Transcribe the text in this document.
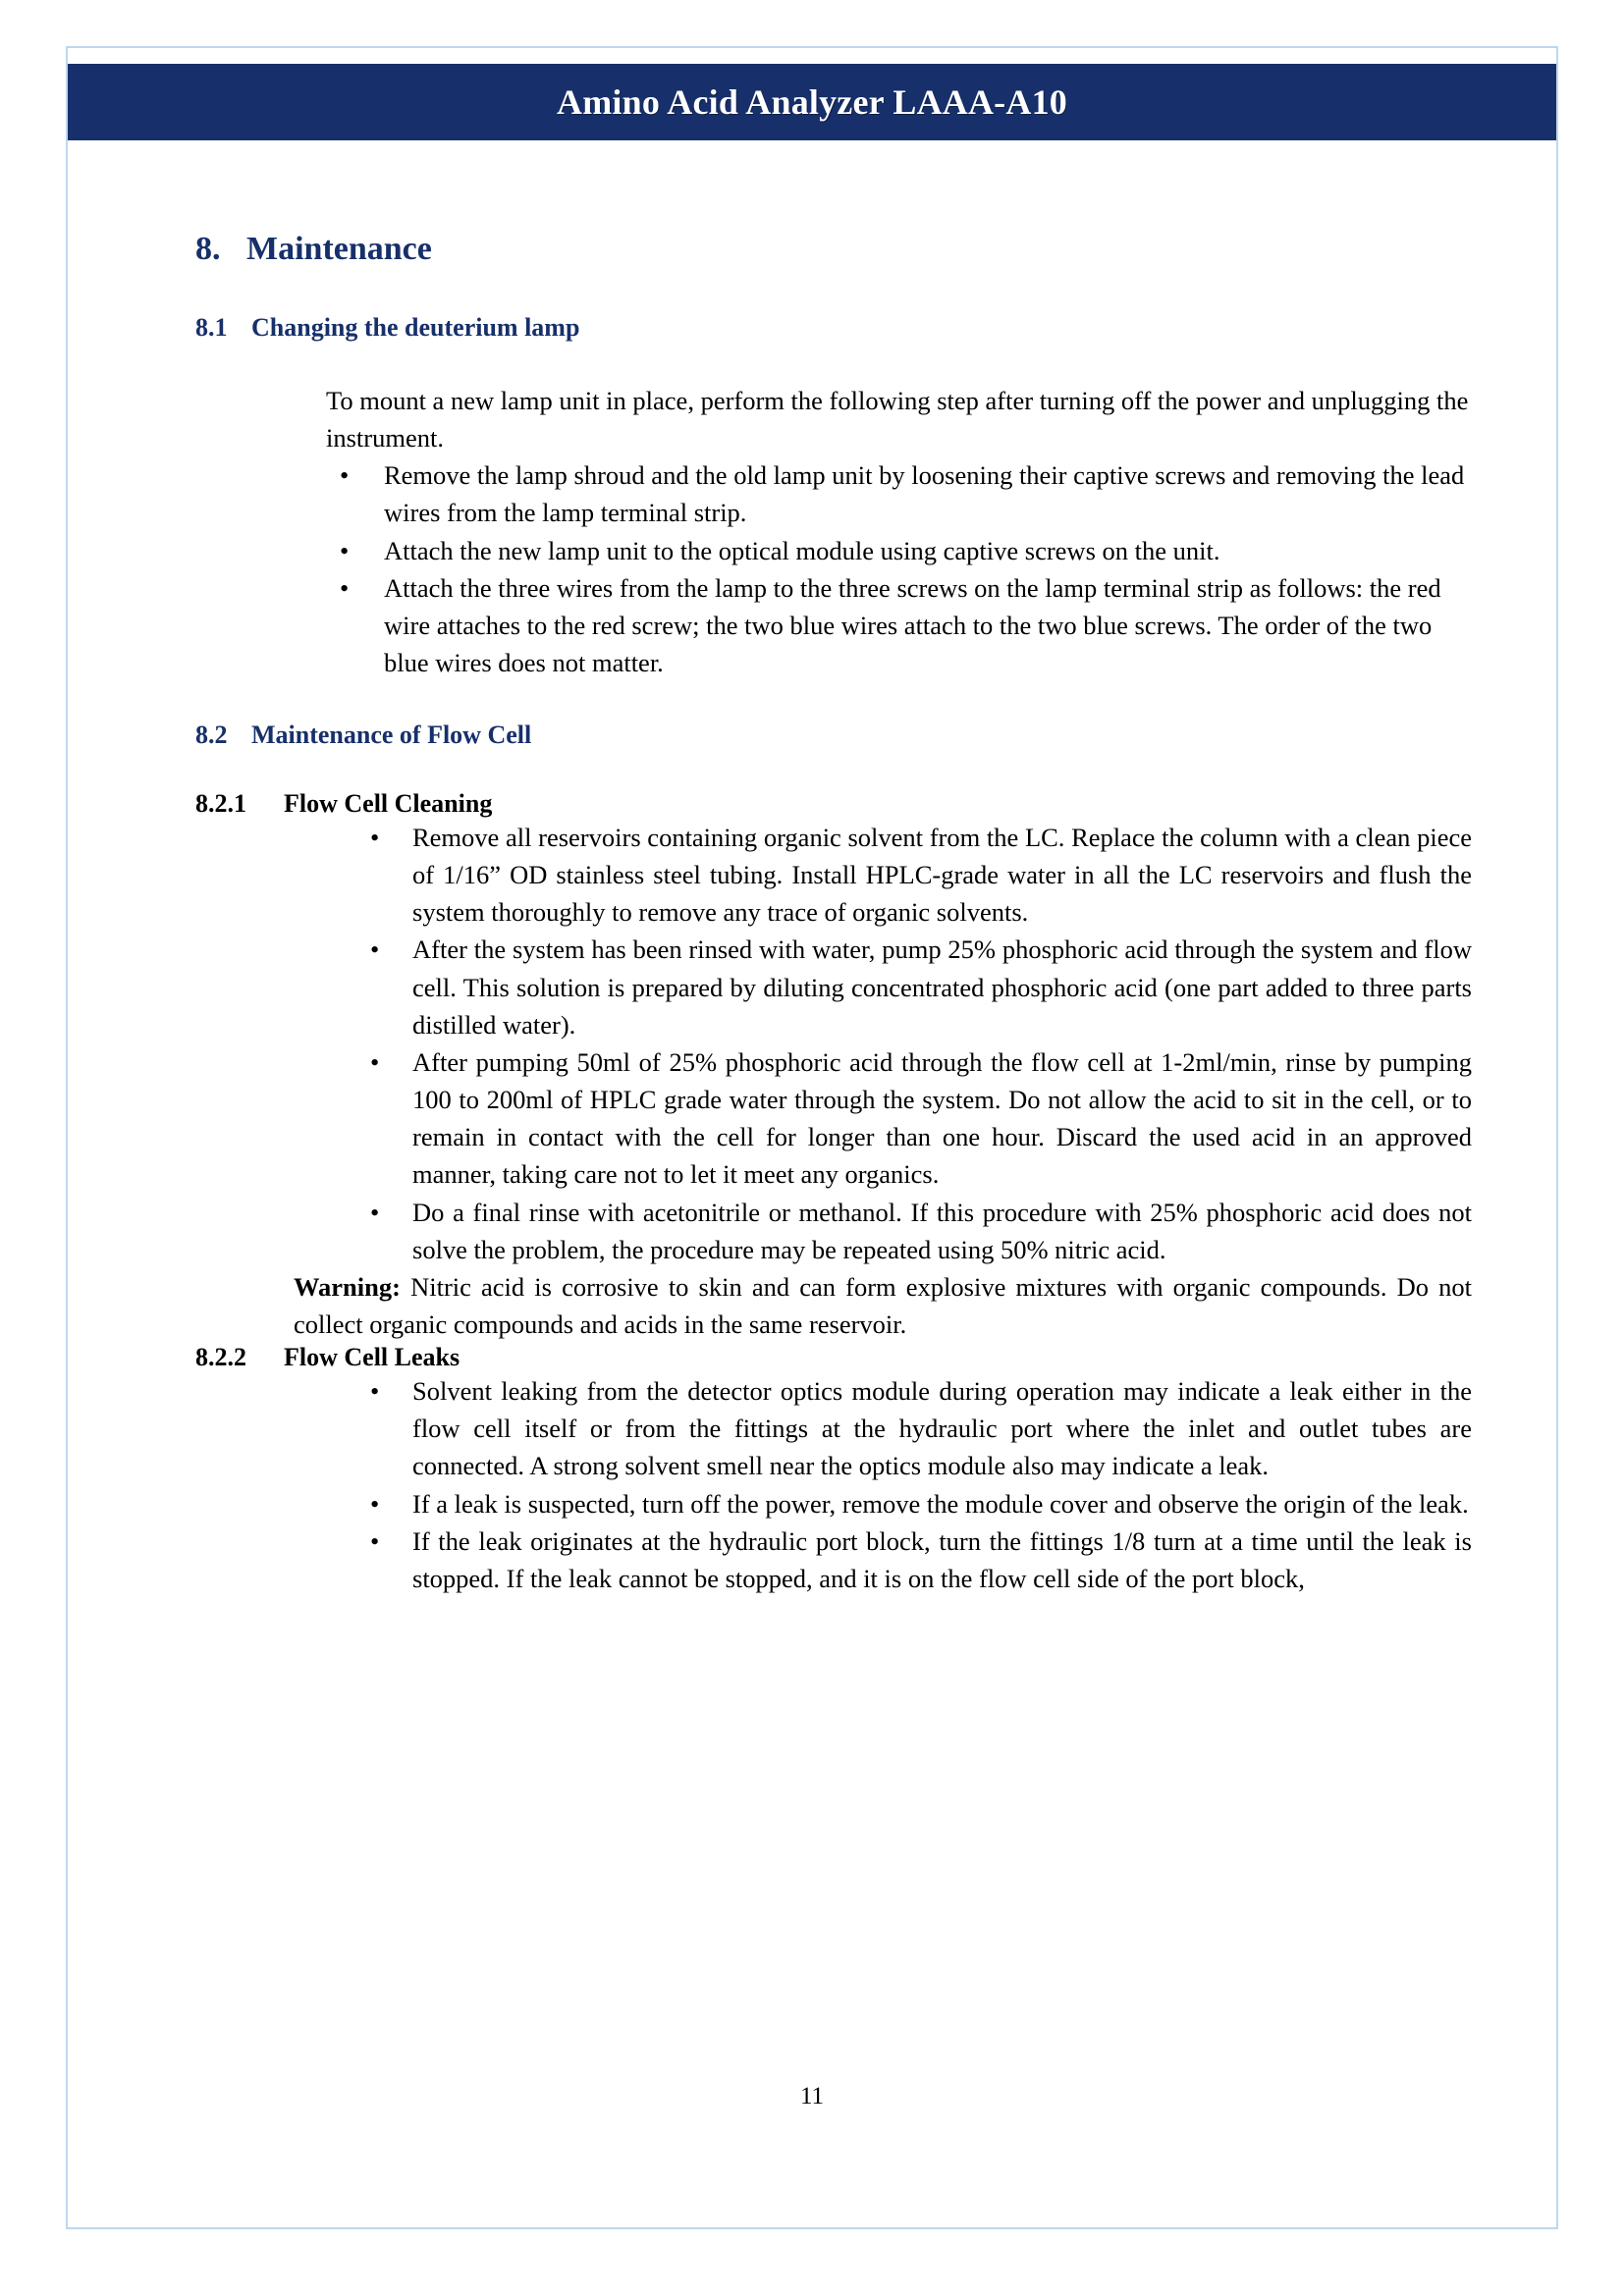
Amino Acid Analyzer LAAA-A10
8. Maintenance
8.1 Changing the deuterium lamp

To mount a new lamp unit in place, perform the following step after turning off the power and unplugging the instrument.

•	Remove the lamp shroud and the old lamp unit by loosening their captive screws and removing the lead wires from the lamp terminal strip.
•	Attach the new lamp unit to the optical module using captive screws on the unit.
•	Attach the three wires from the lamp to the three screws on the lamp terminal strip as follows: the red wire attaches to the red screw; the two blue wires attach to the two blue screws. The order of the two blue wires does not matter.
8.2 Maintenance of Flow Cell
8.2.1	Flow Cell Cleaning
•	Remove all reservoirs containing organic solvent from the LC. Replace the column with a clean piece of 1/16” OD stainless steel tubing. Install HPLC-grade water in all the LC reservoirs and flush the system thoroughly to remove any trace of organic solvents.
•	After the system has been rinsed with water, pump 25% phosphoric acid through the system and flow cell. This solution is prepared by diluting concentrated phosphoric acid (one part added to three parts distilled water).
•	After pumping 50ml of 25% phosphoric acid through the flow cell at 1-2ml/min, rinse by pumping 100 to 200ml of HPLC grade water through the system. Do not allow the acid to sit in the cell, or to remain in contact with the cell for longer than one hour. Discard the used acid in an approved manner, taking care not to let it meet any organics.
•	Do a final rinse with acetonitrile or methanol. If this procedure with 25% phosphoric acid does not solve the problem, the procedure may be repeated using 50% nitric acid.

Warning: Nitric acid is corrosive to skin and can form explosive mixtures with organic compounds. Do not collect organic compounds and acids in the same reservoir.

8.2.2	Flow Cell Leaks
•	Solvent leaking from the detector optics module during operation may indicate a leak either in the flow cell itself or from the fittings at the hydraulic port where the inlet and outlet tubes are connected. A strong solvent smell near the optics module also may indicate a leak.
•	If a leak is suspected, turn off the power, remove the module cover and observe the origin of the leak.
•	If the leak originates at the hydraulic port block, turn the fittings 1/8 turn at a time until the leak is stopped. If the leak cannot be stopped, and it is on the flow cell side of the port block,
11
